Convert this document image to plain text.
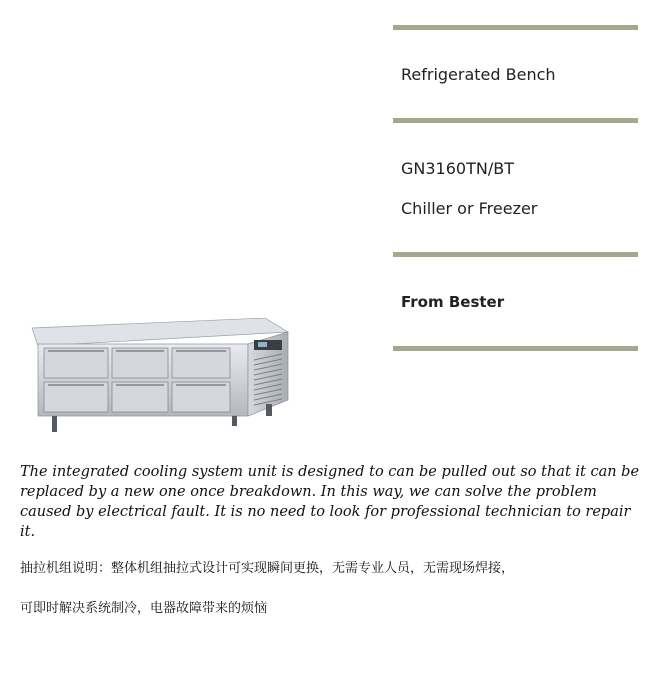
Refrigerated Bench
GN3160TN/BT
Chiller or Freezer
From Bester
The integrated cooling system unit is designed to can be pulled out so that it can be replaced by a new one once breakdown. In this way, we can solve the problem caused by electrical fault. It is no need to look for professional technician to repair it.
抽拉机组说明：整体机组抽拉式设计可实现瞬间更换，无需专业人员，无需现场焊接，
可即时解决系统制冷，电器故障带来的烦恼
